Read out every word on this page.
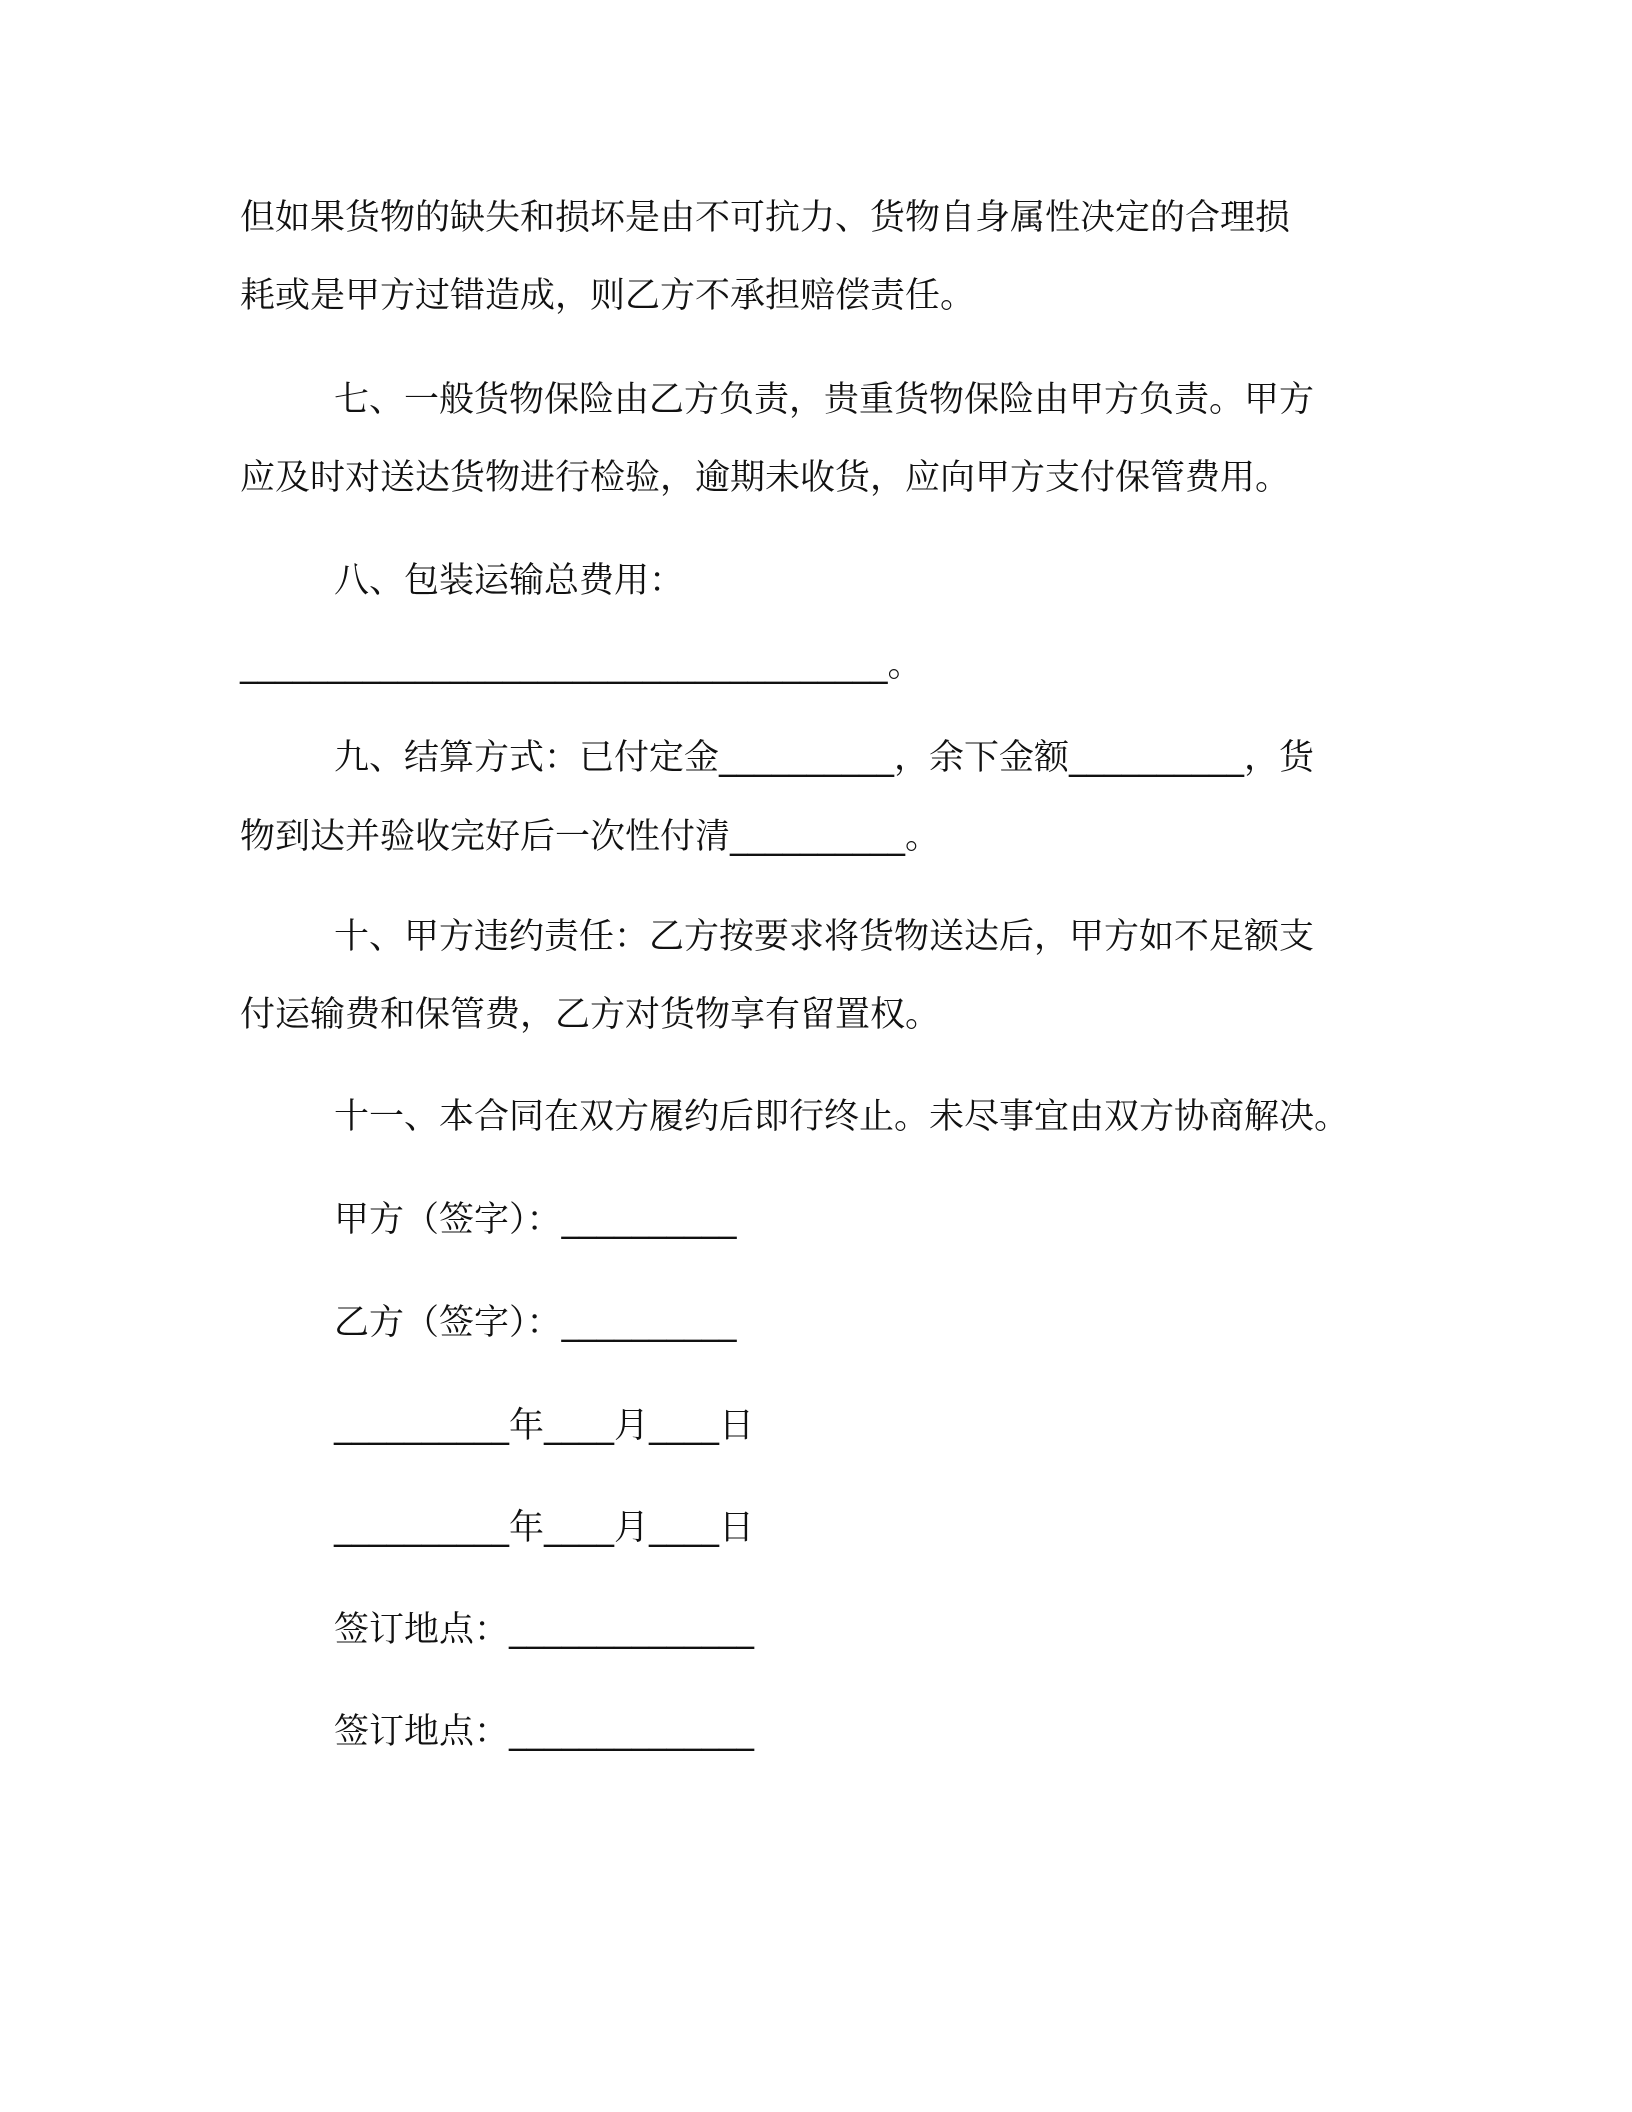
但如果货物的缺失和损坏是由不可抗力、货物自身属性决定的合理损
耗或是甲方过错造成，则乙方不承担赔偿责任。
七、一般货物保险由乙方负责，贵重货物保险由甲方负责。甲方
应及时对送达货物进行检验，逾期未收货，应向甲方支付保管费用。
八、包装运输总费用：
_____________________________________。
九、结算方式：已付定金__________，余下金额__________，货
物到达并验收完好后一次性付清__________。
十、甲方违约责任：乙方按要求将货物送达后，甲方如不足额支
付运输费和保管费，乙方对货物享有留置权。
十一、本合同在双方履约后即行终止。未尽事宜由双方协商解决。
甲方（签字）：__________
乙方（签字）：__________
__________年____月____日
__________年____月____日
签订地点：______________
签订地点：______________
